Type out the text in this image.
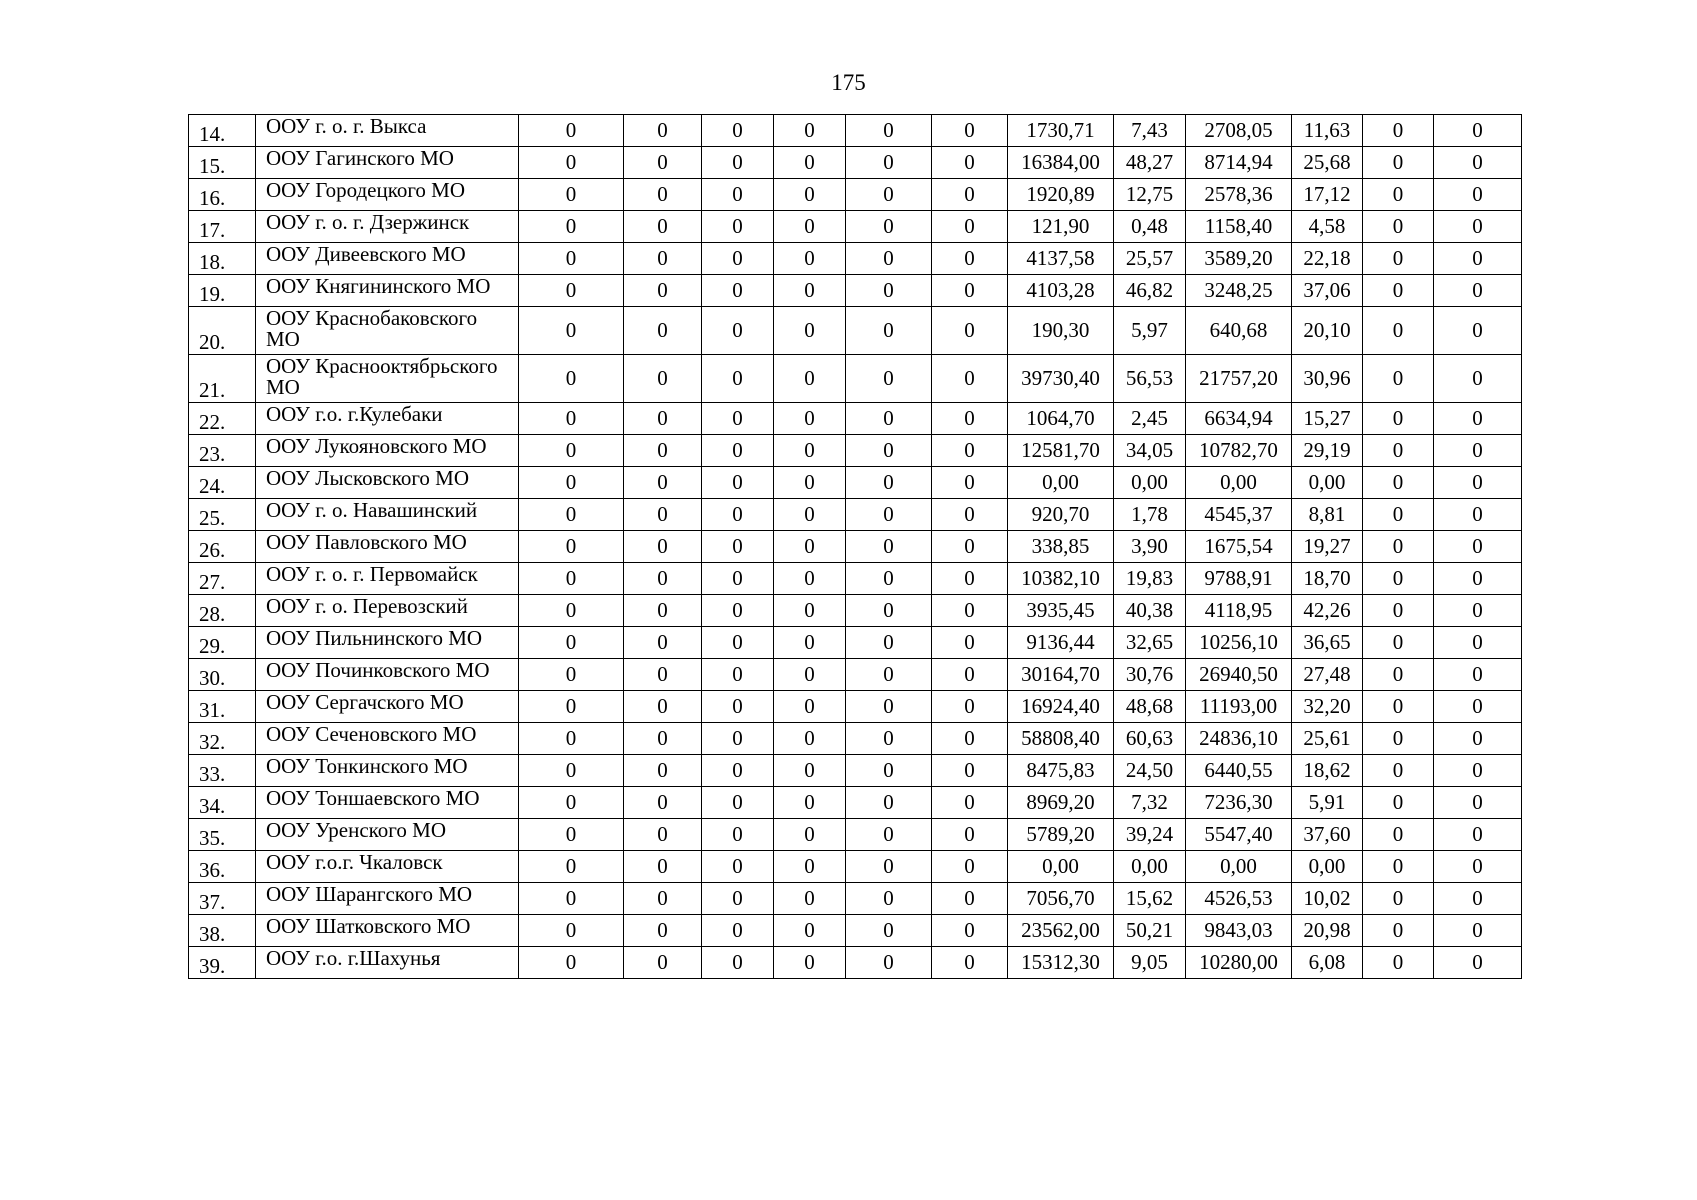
175
14.	ООУ г. о. г. Выкса	0	0	0	0	0	0	1730,71	7,43	2708,05	11,63	0	0
15.	ООУ Гагинского МО	0	0	0	0	0	0	16384,00	48,27	8714,94	25,68	0	0
16.	ООУ Городецкого МО	0	0	0	0	0	0	1920,89	12,75	2578,36	17,12	0	0
17.	ООУ г. о. г. Дзержинск	0	0	0	0	0	0	121,90	0,48	1158,40	4,58	0	0
18.	ООУ Дивеевского МО	0	0	0	0	0	0	4137,58	25,57	3589,20	22,18	0	0
19.	ООУ Княгининского МО	0	0	0	0	0	0	4103,28	46,82	3248,25	37,06	0	0
20.	ООУ Краснобаковского МО	0	0	0	0	0	0	190,30	5,97	640,68	20,10	0	0
21.	ООУ Краснооктябрьского МО	0	0	0	0	0	0	39730,40	56,53	21757,20	30,96	0	0
22.	ООУ г.о. г.Кулебаки	0	0	0	0	0	0	1064,70	2,45	6634,94	15,27	0	0
23.	ООУ Лукояновского МО	0	0	0	0	0	0	12581,70	34,05	10782,70	29,19	0	0
24.	ООУ Лысковского МО	0	0	0	0	0	0	0,00	0,00	0,00	0,00	0	0
25.	ООУ г. о. Навашинский	0	0	0	0	0	0	920,70	1,78	4545,37	8,81	0	0
26.	ООУ Павловского МО	0	0	0	0	0	0	338,85	3,90	1675,54	19,27	0	0
27.	ООУ г. о. г. Первомайск	0	0	0	0	0	0	10382,10	19,83	9788,91	18,70	0	0
28.	ООУ г. о. Перевозский	0	0	0	0	0	0	3935,45	40,38	4118,95	42,26	0	0
29.	ООУ Пильнинского МО	0	0	0	0	0	0	9136,44	32,65	10256,10	36,65	0	0
30.	ООУ Починковского МО	0	0	0	0	0	0	30164,70	30,76	26940,50	27,48	0	0
31.	ООУ Сергачского МО	0	0	0	0	0	0	16924,40	48,68	11193,00	32,20	0	0
32.	ООУ Сеченовского МО	0	0	0	0	0	0	58808,40	60,63	24836,10	25,61	0	0
33.	ООУ Тонкинского МО	0	0	0	0	0	0	8475,83	24,50	6440,55	18,62	0	0
34.	ООУ Тоншаевского МО	0	0	0	0	0	0	8969,20	7,32	7236,30	5,91	0	0
35.	ООУ Уренского МО	0	0	0	0	0	0	5789,20	39,24	5547,40	37,60	0	0
36.	ООУ г.о.г. Чкаловск	0	0	0	0	0	0	0,00	0,00	0,00	0,00	0	0
37.	ООУ Шарангского МО	0	0	0	0	0	0	7056,70	15,62	4526,53	10,02	0	0
38.	ООУ Шатковского МО	0	0	0	0	0	0	23562,00	50,21	9843,03	20,98	0	0
39.	ООУ г.о. г.Шахунья	0	0	0	0	0	0	15312,30	9,05	10280,00	6,08	0	0
